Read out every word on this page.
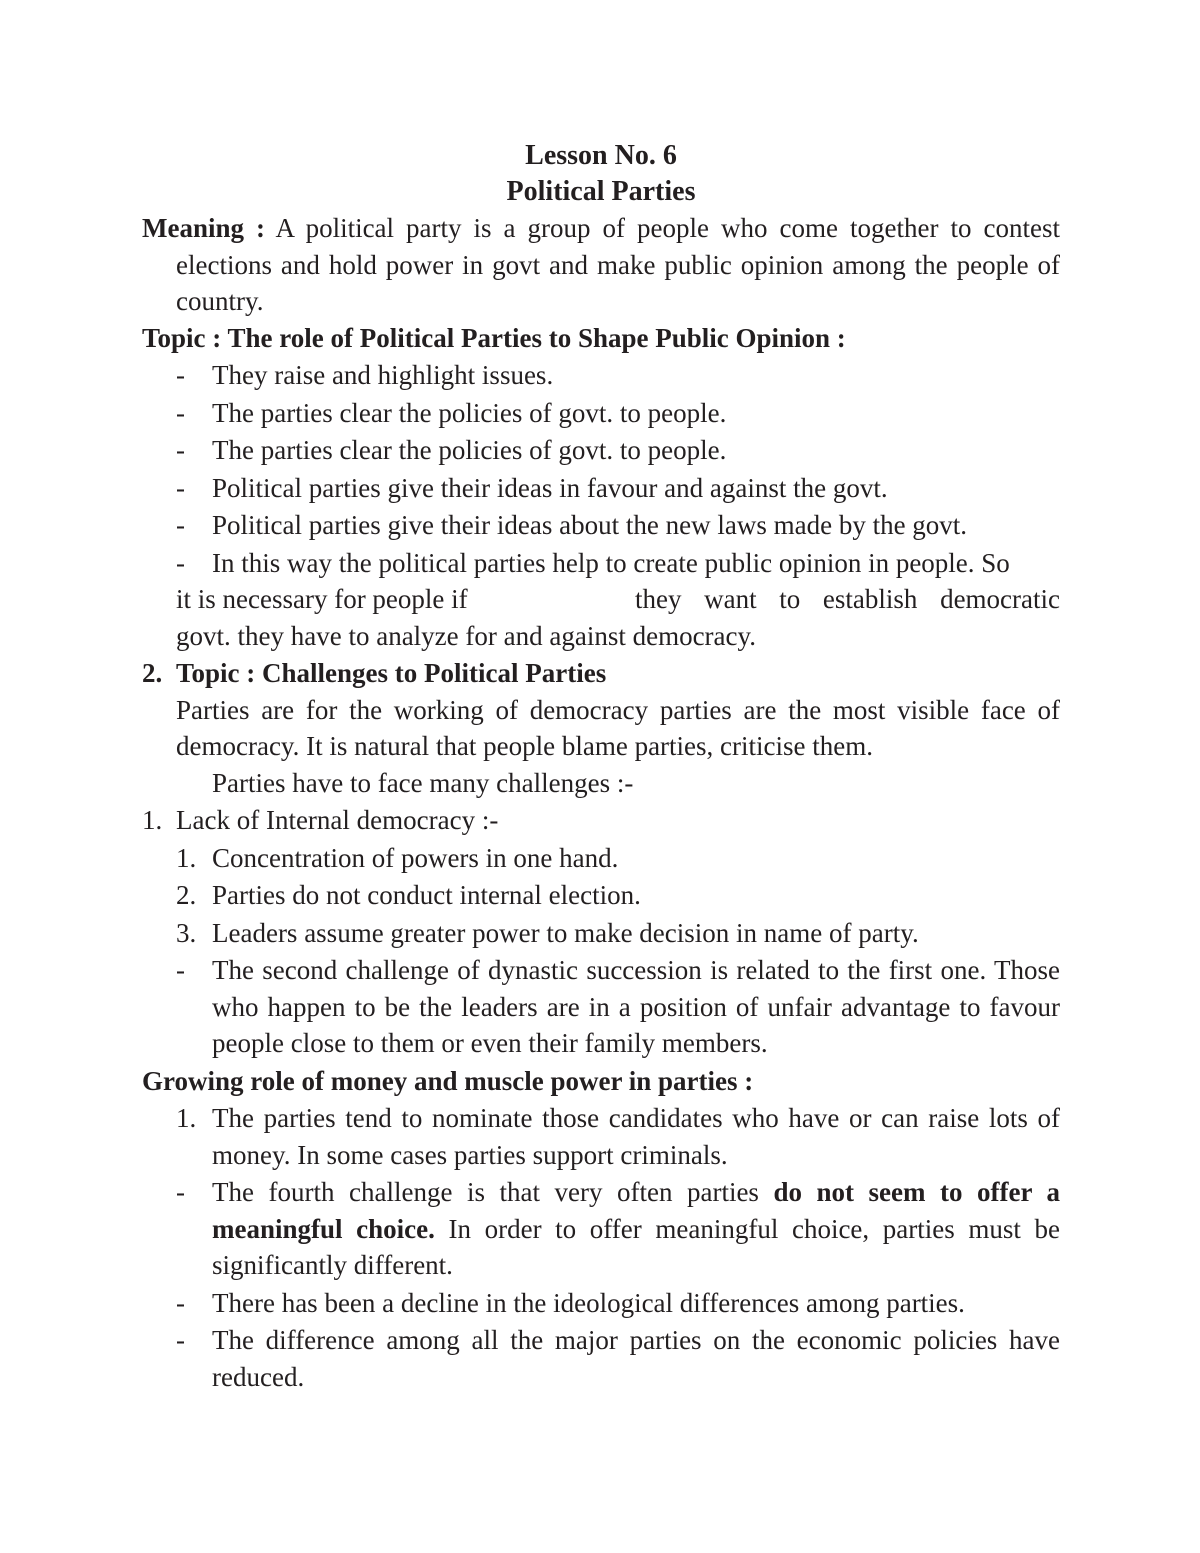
Lesson No. 6
Political Parties

Meaning : A political party is a group of people who come together to contest elections and hold power in govt and make public opinion among the people of country.

Topic : The role of Political Parties to Shape Public Opinion :
- They raise and highlight issues.
- The parties clear the policies of govt. to people.
- The parties clear the policies of govt. to people.
- Political parties give their ideas in favour and against the govt.
- Political parties give their ideas about the new laws made by the govt.
- In this way the political parties help to create public opinion in people. So
it is necessary for people if	they want to establish democratic
govt. they have to analyze for and against democracy.
2. Topic : Challenges to Political Parties
Parties are for the working of democracy parties are the most visible face of democracy. It is natural that people blame parties, criticise them.
Parties have to face many challenges :-
1. Lack of Internal democracy :-
1. Concentration of powers in one hand.
2. Parties do not conduct internal election.
3. Leaders assume greater power to make decision in name of party.
- The second challenge of dynastic succession is related to the first one. Those who happen to be the leaders are in a position of unfair advantage to favour people close to them or even their family members.
Growing role of money and muscle power in parties :
1. The parties tend to nominate those candidates who have or can raise lots of money. In some cases parties support criminals.
- The fourth challenge is that very often parties do not seem to offer a meaningful choice. In order to offer meaningful choice, parties must be significantly different.
- There has been a decline in the ideological differences among parties.
- The difference among all the major parties on the economic policies have reduced.
